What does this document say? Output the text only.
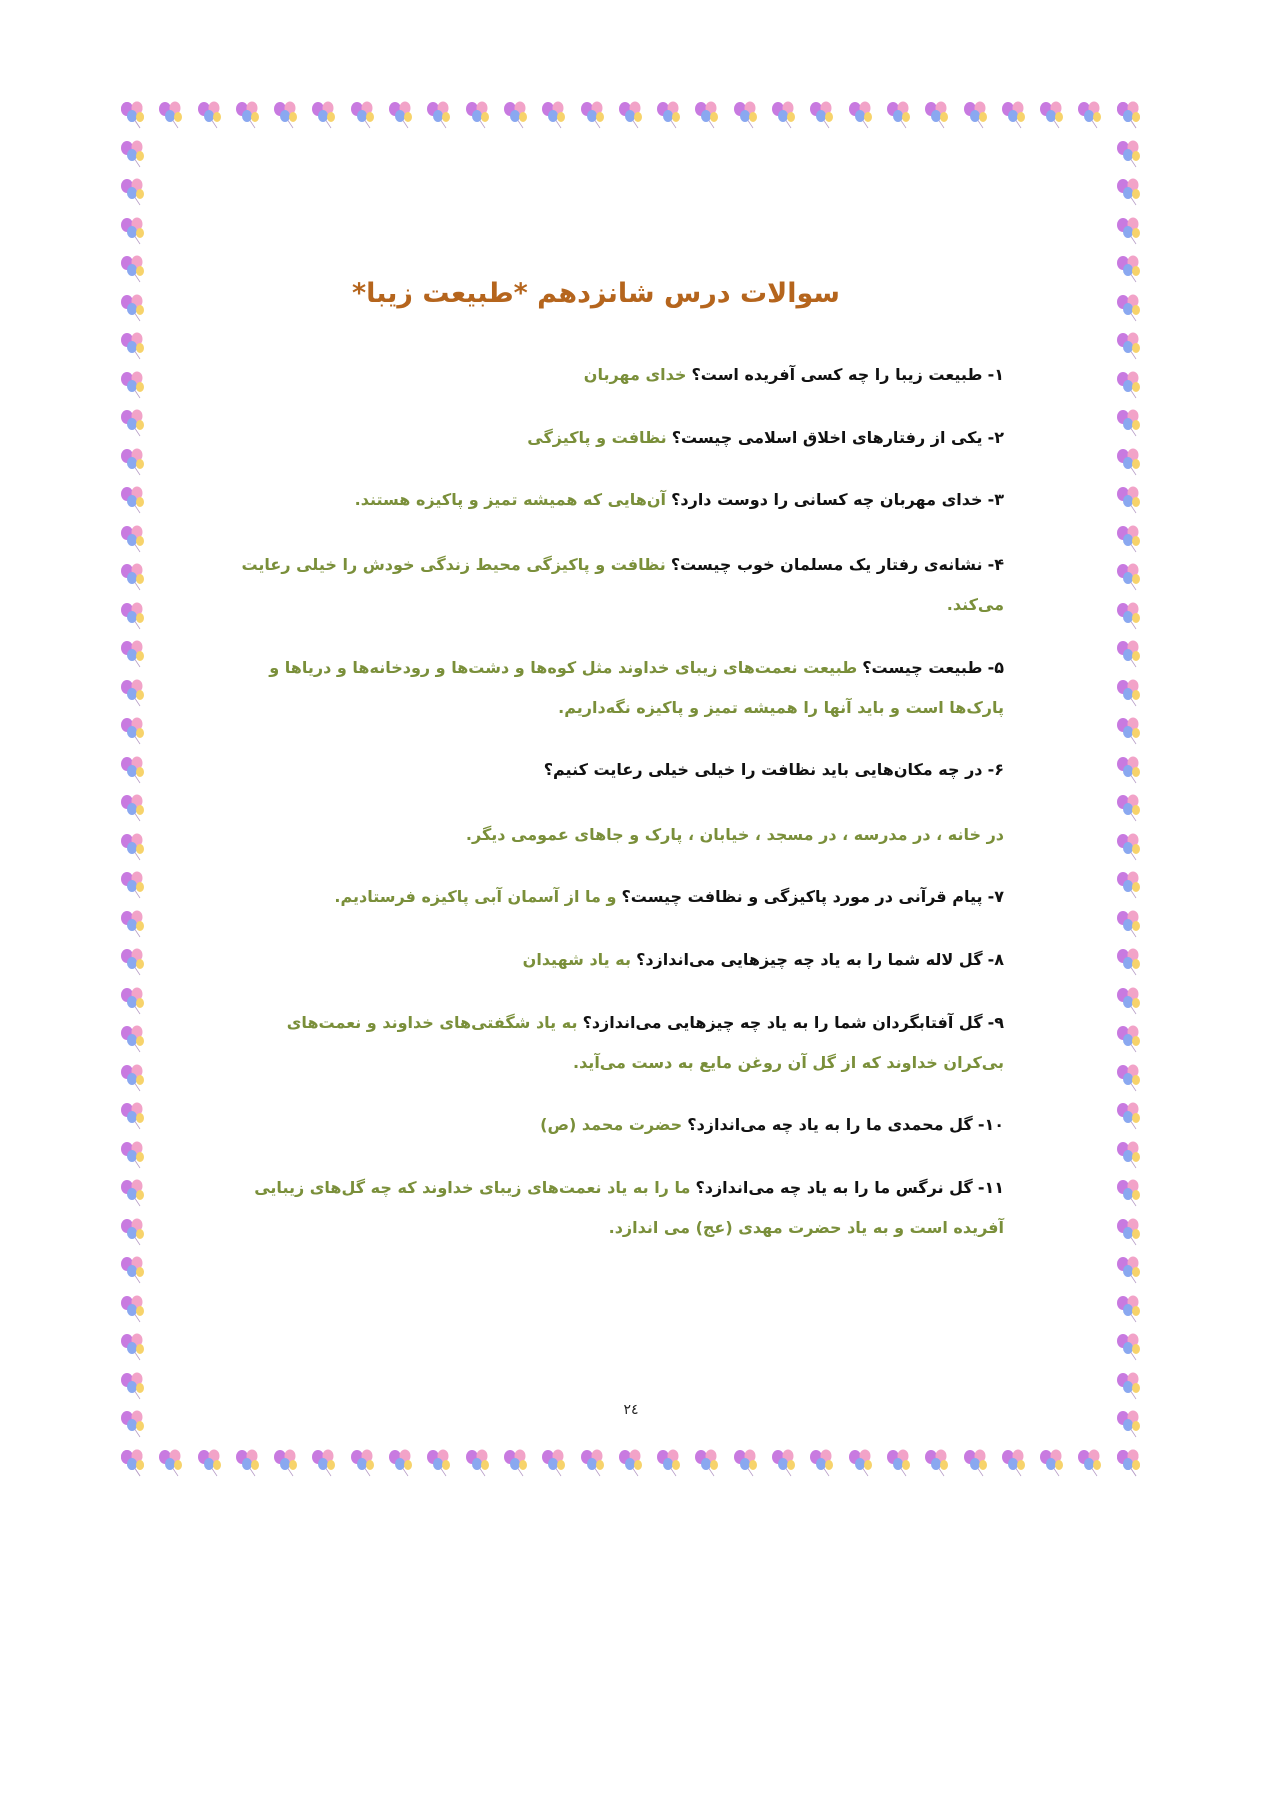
سوالات درس شانزدهم *طبیعت زیبا*
۱- طبیعت زیبا را چه کسی آفریده است؟ خدای مهربان
۲- یکی از رفتارهای اخلاق اسلامی چیست؟ نظافت و پاکیزگی
۳- خدای مهربان چه کسانی را دوست دارد؟ آن‌هایی که همیشه تمیز و پاکیزه هستند.
۴- نشانه‌ی رفتار یک مسلمان خوب چیست؟ نظافت و پاکیزگی محیط زندگی خودش را خیلی رعایت می‌کند.
۵- طبیعت چیست؟ طبیعت نعمت‌های زیبای خداوند مثل کوه‌ها و دشت‌ها و رودخانه‌ها و دریاها و پارک‌ها است و باید آنها را همیشه تمیز و پاکیزه نگه‌داریم.
۶- در چه مکان‌هایی باید نظافت را خیلی خیلی رعایت کنیم؟
در خانه ، در مدرسه ، در مسجد ، خیابان ، پارک و جاهای عمومی دیگر.
۷- پیام قرآنی در مورد پاکیزگی و نظافت چیست؟ و ما از آسمان آبی پاکیزه فرستادیم.
۸- گل لاله شما را به یاد چه چیزهایی می‌اندازد؟ به یاد شهیدان
۹- گل آفتابگردان شما را به یاد چه چیزهایی می‌اندازد؟ به یاد شگفتی‌های خداوند و نعمت‌های بی‌کران خداوند که از گل آن روغن مایع به دست می‌آید.
۱۰- گل محمدی ما را به یاد چه می‌اندازد؟ حضرت محمد (ص)
۱۱- گل نرگس ما را به یاد چه می‌اندازد؟ ما را به یاد نعمت‌های زیبای خداوند که چه گل‌های زیبایی آفریده است و به یاد حضرت مهدی (عج) می اندازد.
۲٤
